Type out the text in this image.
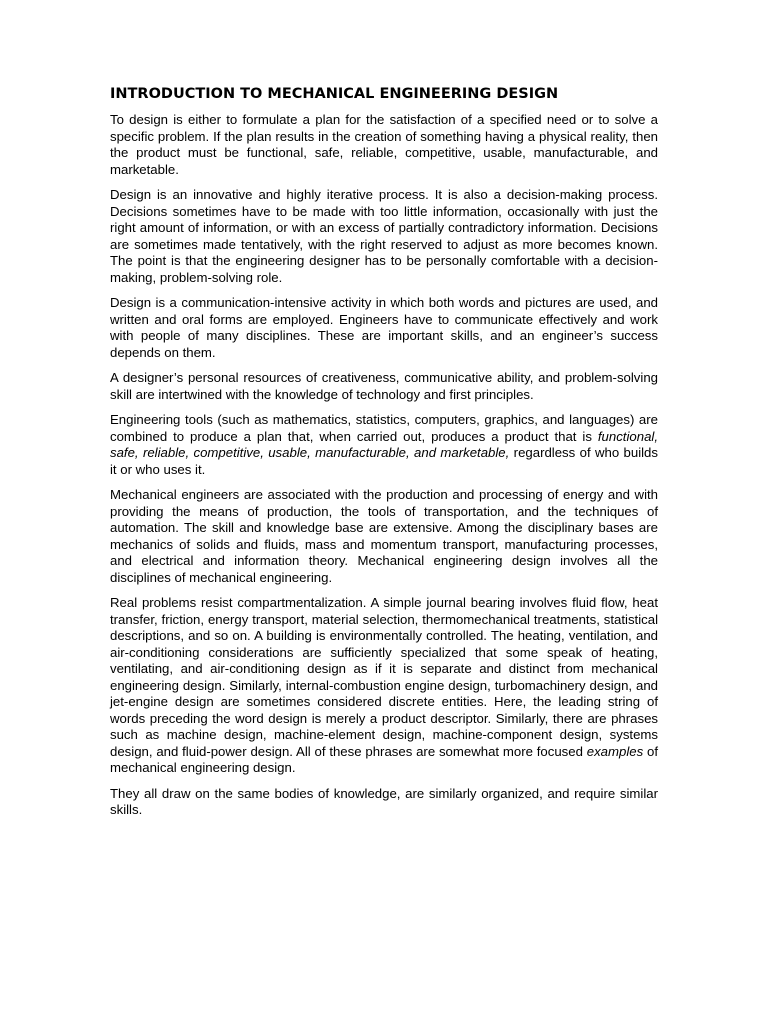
INTRODUCTION TO MECHANICAL ENGINEERING DESIGN

To design is either to formulate a plan for the satisfaction of a specified need or to solve a specific problem. If the plan results in the creation of something having a physical reality, then the product must be functional, safe, reliable, competitive, usable, manufacturable, and marketable.

Design is an innovative and highly iterative process. It is also a decision-making process. Decisions sometimes have to be made with too little information, occasionally with just the right amount of information, or with an excess of partially contradictory information. Decisions are sometimes made tentatively, with the right reserved to adjust as more becomes known. The point is that the engineering designer has to be personally comfortable with a decision-making, problem-solving role.

Design is a communication-intensive activity in which both words and pictures are used, and written and oral forms are employed. Engineers have to communicate effectively and work with people of many disciplines. These are important skills, and an engineer’s success depends on them.

A designer’s personal resources of creativeness, communicative ability, and problem-solving skill are intertwined with the knowledge of technology and first principles.

Engineering tools (such as mathematics, statistics, computers, graphics, and languages) are combined to produce a plan that, when carried out, produces a product that is functional, safe, reliable, competitive, usable, manufacturable, and marketable, regardless of who builds it or who uses it.

Mechanical engineers are associated with the production and processing of energy and with providing the means of production, the tools of transportation, and the techniques of automation. The skill and knowledge base are extensive. Among the disciplinary bases are mechanics of solids and fluids, mass and momentum transport, manufacturing processes, and electrical and information theory. Mechanical engineering design involves all the disciplines of mechanical engineering.

Real problems resist compartmentalization. A simple journal bearing involves fluid flow, heat transfer, friction, energy transport, material selection, thermomechanical treatments, statistical descriptions, and so on. A building is environmentally controlled. The heating, ventilation, and air-conditioning considerations are sufficiently specialized that some speak of heating, ventilating, and air-conditioning design as if it is separate and distinct from mechanical engineering design. Similarly, internal-combustion engine design, turbomachinery design, and jet-engine design are sometimes considered discrete entities. Here, the leading string of words preceding the word design is merely a product descriptor. Similarly, there are phrases such as machine design, machine-element design, machine-component design, systems design, and fluid-power design. All of these phrases are somewhat more focused examples of mechanical engineering design.

They all draw on the same bodies of knowledge, are similarly organized, and require similar skills.
